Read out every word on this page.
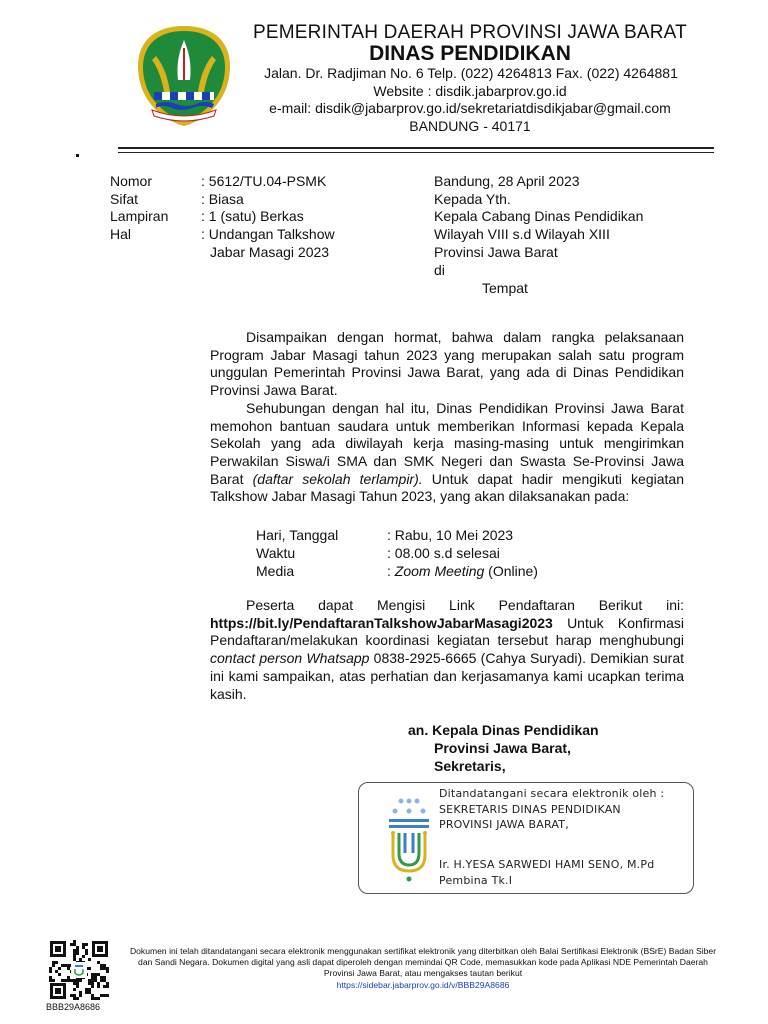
PEMERINTAH DAERAH PROVINSI JAWA BARAT
DINAS PENDIDIKAN
Jalan. Dr. Radjiman No. 6 Telp. (022) 4264813 Fax. (022) 4264881
Website : disdik.jabarprov.go.id
e-mail: disdik@jabarprov.go.id/sekretariatdisdikjabar@gmail.com
BANDUNG - 40171
Nomor	: 5612/TU.04-PSMK
Sifat	: Biasa
Lampiran : 1 (satu) Berkas
Hal	: Undangan Talkshow
Jabar Masagi 2023
Bandung, 28 April 2023
Kepada Yth.
Kepala Cabang Dinas Pendidikan
Wilayah VIII s.d Wilayah XIII
Provinsi Jawa Barat
di
Tempat

Disampaikan dengan hormat, bahwa dalam rangka pelaksanaan Program Jabar Masagi tahun 2023 yang merupakan salah satu program unggulan Pemerintah Provinsi Jawa Barat, yang ada di Dinas Pendidikan Provinsi Jawa Barat.

Sehubungan dengan hal itu, Dinas Pendidikan Provinsi Jawa Barat memohon bantuan saudara untuk memberikan Informasi kepada Kepala Sekolah yang ada diwilayah kerja masing-masing untuk mengirimkan Perwakilan Siswa/i SMA dan SMK Negeri dan Swasta Se-Provinsi Jawa Barat (daftar sekolah terlampir). Untuk dapat hadir mengikuti kegiatan Talkshow Jabar Masagi Tahun 2023, yang akan dilaksanakan pada:

Hari, Tanggal	: Rabu, 10 Mei 2023
Waktu	: 08.00 s.d selesai
Media	: Zoom Meeting (Online)

Peserta dapat Mengisi Link Pendaftaran Berikut ini: https://bit.ly/PendaftaranTalkshowJabarMasagi2023 Untuk Konfirmasi Pendaftaran/melakukan koordinasi kegiatan tersebut harap menghubungi contact person Whatsapp 0838-2925-6665 (Cahya Suryadi). Demikian surat ini kami sampaikan, atas perhatian dan kerjasamanya kami ucapkan terima kasih.

an. Kepala Dinas Pendidikan
Provinsi Jawa Barat,
Sekretaris,
Ditandatangani secara elektronik oleh :
SEKRETARIS DINAS PENDIDIKAN
PROVINSI JAWA BARAT,
Ir. H.YESA SARWEDI HAMI SENO, M.Pd
Pembina Tk.I
BBB29A8686
Dokumen ini telah ditandatangani secara elektronik menggunakan sertifikat elektronik yang diterbitkan oleh Balai Sertifikasi Elektronik (BSrE) Badan Siber dan Sandi Negara. Dokumen digital yang asli dapat diperoleh dengan memindai QR Code, memasukkan kode pada Aplikasi NDE Pemerintah Daerah Provinsi Jawa Barat, atau mengakses tautan berikut
https://sidebar.jabarprov.go.id/v/BBB29A8686
